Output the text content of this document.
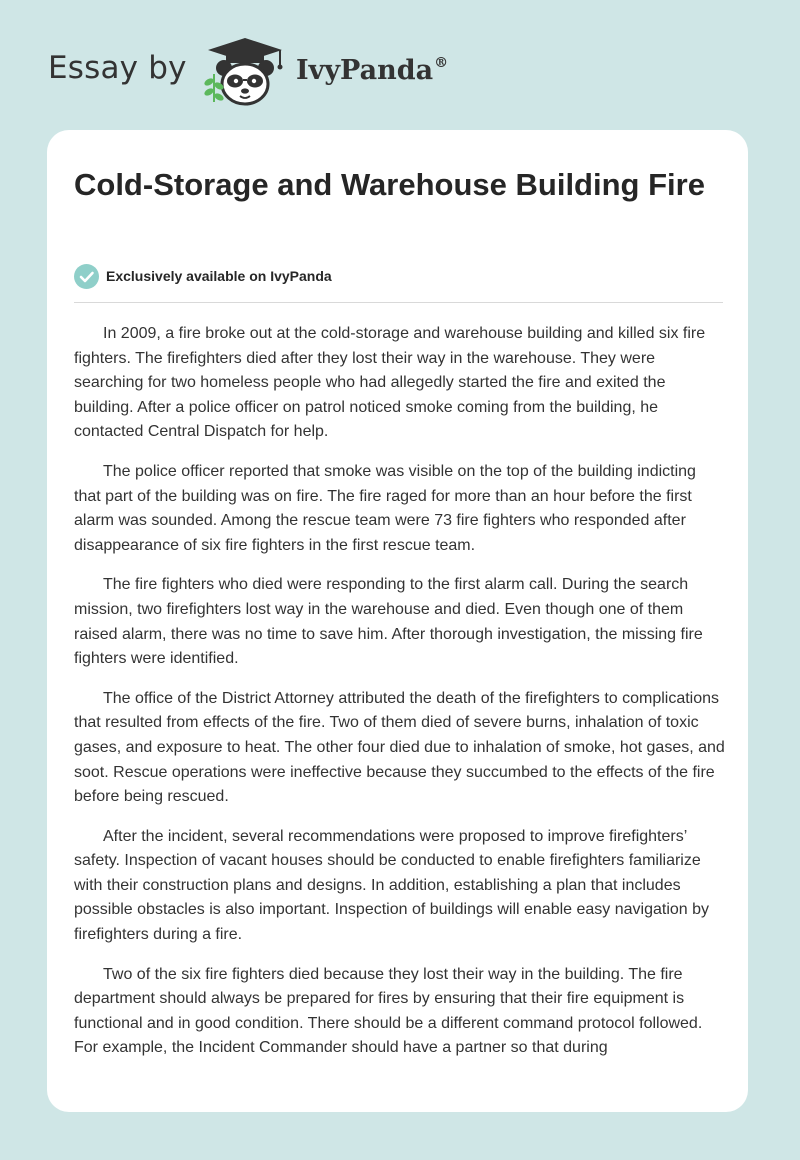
Essay by	IvyPanda®
Cold-Storage and Warehouse Building Fire
Exclusively available on IvyPanda

In 2009, a fire broke out at the cold-storage and warehouse building and killed six fire fighters. The firefighters died after they lost their way in the warehouse. They were searching for two homeless people who had allegedly started the fire and exited the building. After a police officer on patrol noticed smoke coming from the building, he contacted Central Dispatch for help.

The police officer reported that smoke was visible on the top of the building indicting that part of the building was on fire. The fire raged for more than an hour before the first alarm was sounded. Among the rescue team were 73 fire fighters who responded after disappearance of six fire fighters in the first rescue team.

The fire fighters who died were responding to the first alarm call. During the search mission, two firefighters lost way in the warehouse and died. Even though one of them raised alarm, there was no time to save him. After thorough investigation, the missing fire fighters were identified.

The office of the District Attorney attributed the death of the firefighters to complications that resulted from effects of the fire. Two of them died of severe burns, inhalation of toxic gases, and exposure to heat. The other four died due to inhalation of smoke, hot gases, and soot. Rescue operations were ineffective because they succumbed to the effects of the fire before being rescued.

After the incident, several recommendations were proposed to improve firefighters’ safety. Inspection of vacant houses should be conducted to enable firefighters familiarize with their construction plans and designs. In addition, establishing a plan that includes possible obstacles is also important. Inspection of buildings will enable easy navigation by firefighters during a fire.

Two of the six fire fighters died because they lost their way in the building. The fire department should always be prepared for fires by ensuring that their fire equipment is functional and in good condition. There should be a different command protocol followed. For example, the Incident Commander should have a partner so that during
